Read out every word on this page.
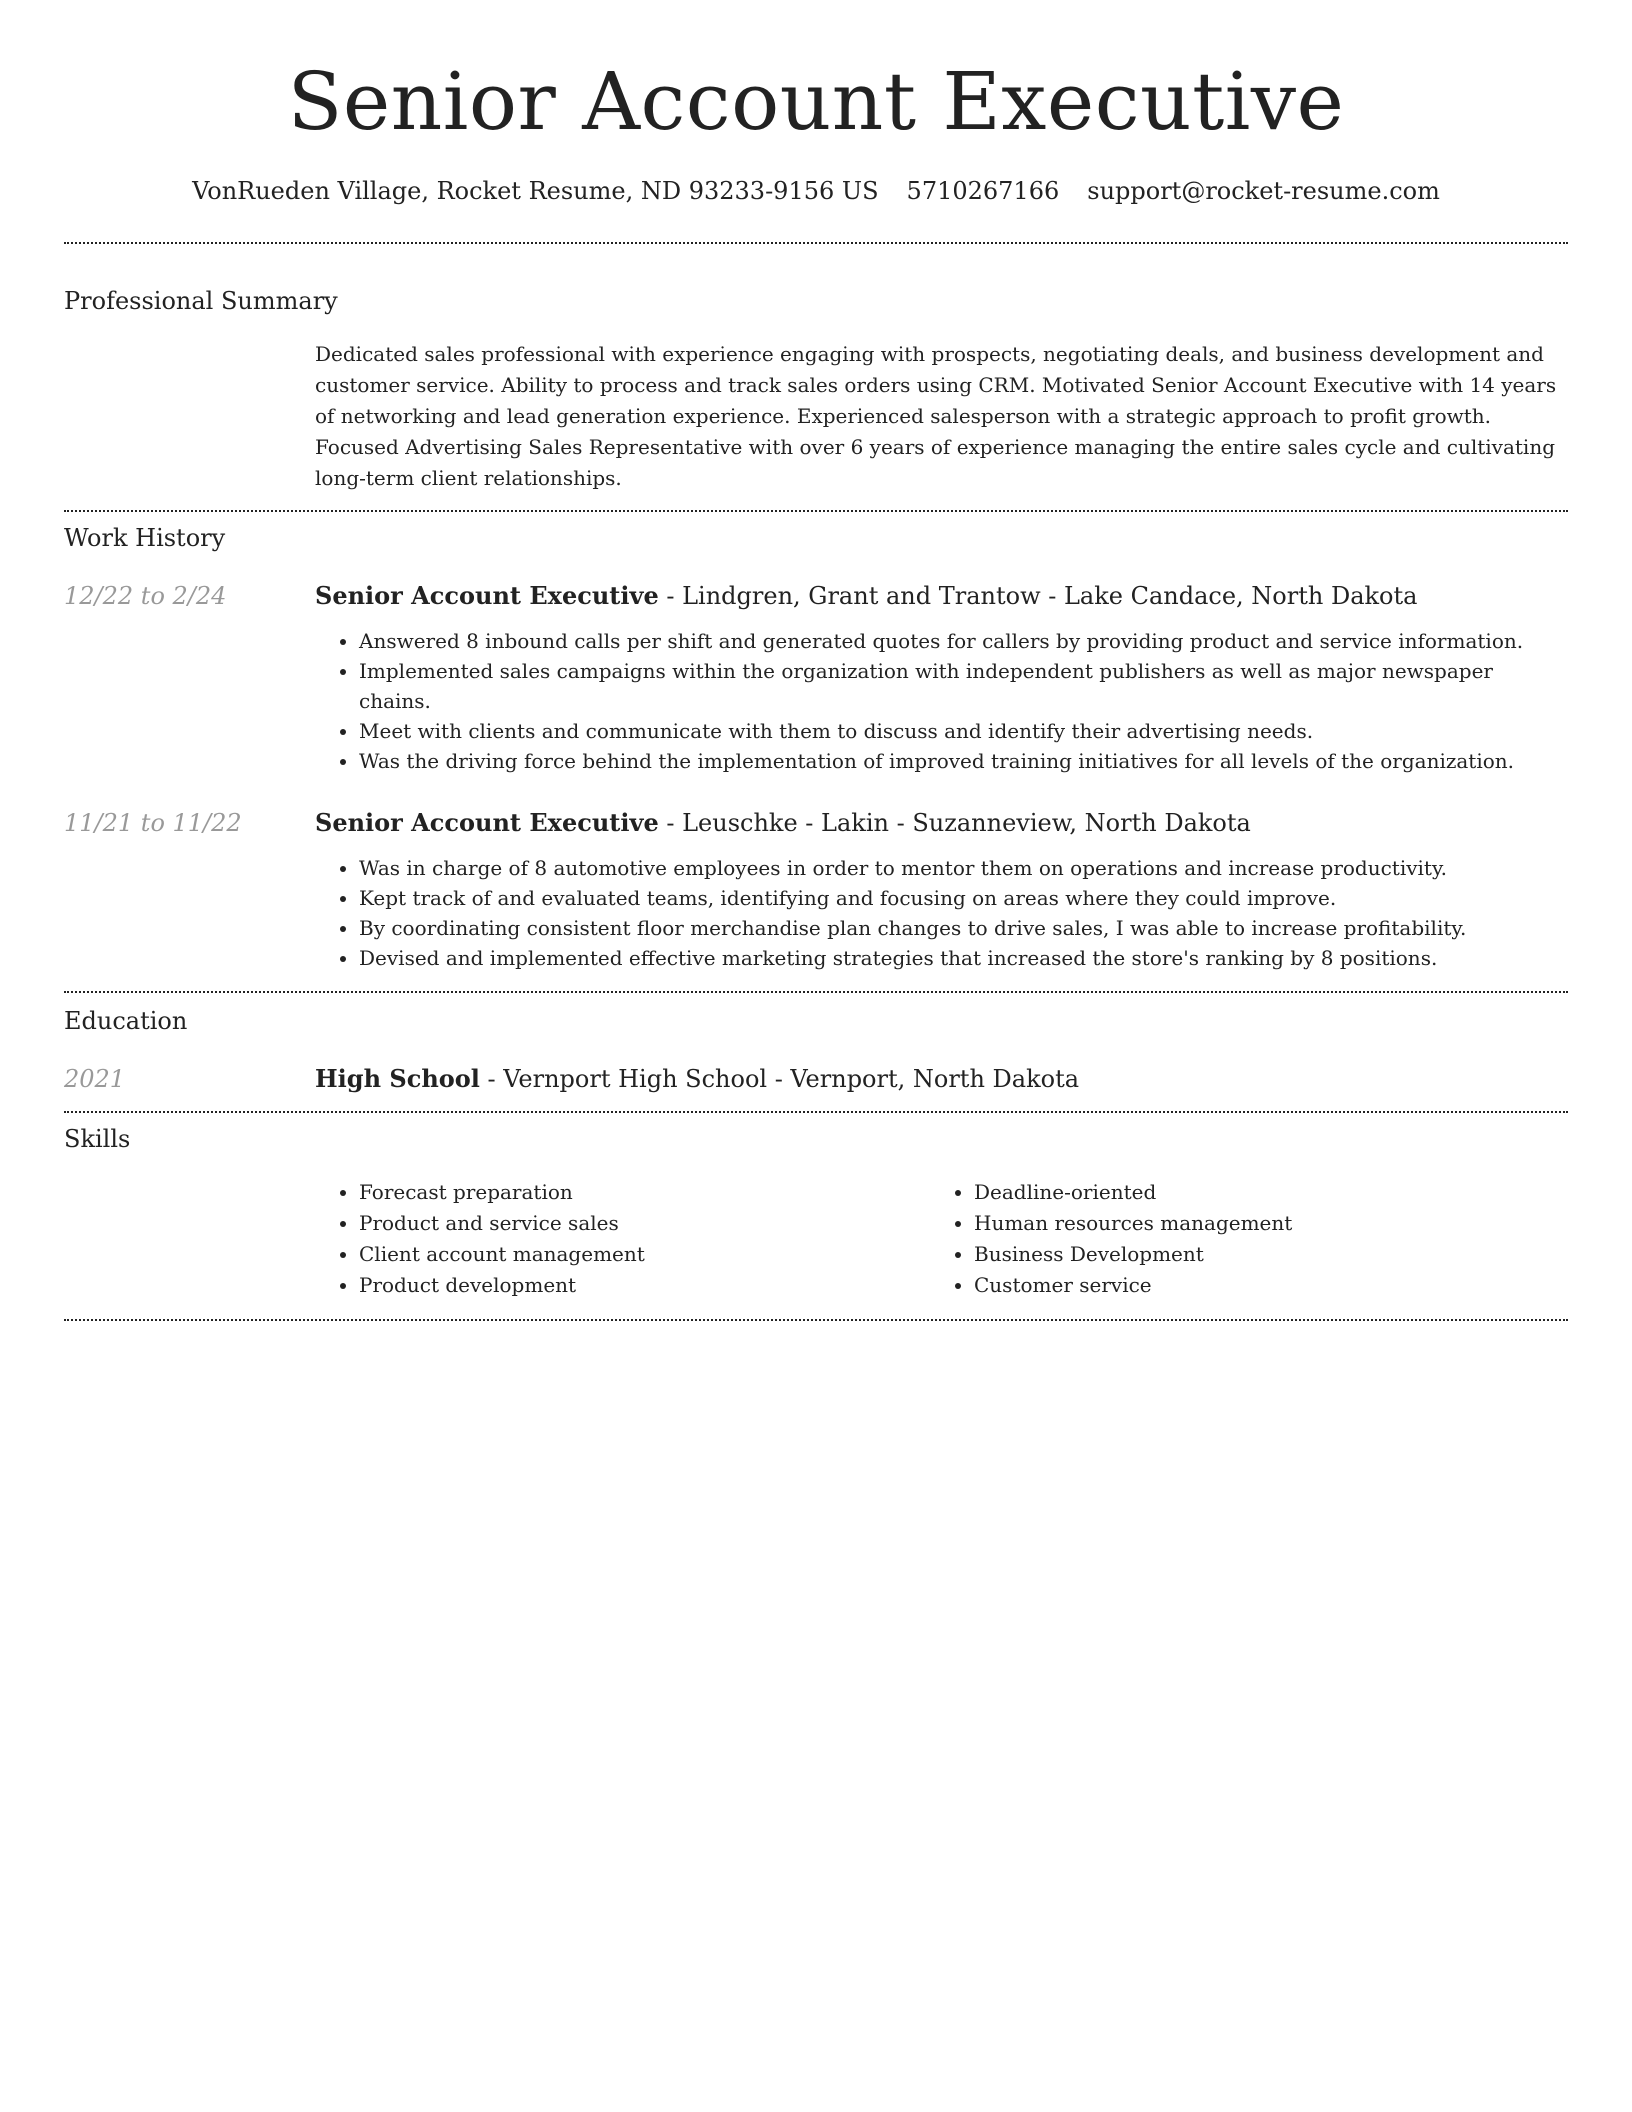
Senior Account Executive
VonRueden Village, Rocket Resume, ND 93233-9156 US 5710267166 support@rocket-resume.com
Professional Summary

Dedicated sales professional with experience engaging with prospects, negotiating deals, and business development and customer service. Ability to process and track sales orders using CRM. Motivated Senior Account Executive with 14 years of networking and lead generation experience. Experienced salesperson with a strategic approach to profit growth. Focused Advertising Sales Representative with over 6 years of experience managing the entire sales cycle and cultivating long-term client relationships.

Work History
12/22 to 2/24	Senior Account Executive - Lindgren, Grant and Trantow - Lake Candace, North Dakota

• Answered 8 inbound calls per shift and generated quotes for callers by providing product and service information.
• Implemented sales campaigns within the organization with independent publishers as well as major newspaper chains.
• Meet with clients and communicate with them to discuss and identify their advertising needs.
• Was the driving force behind the implementation of improved training initiatives for all levels of the organization.
11/21 to 11/22	Senior Account Executive - Leuschke - Lakin - Suzanneview, North Dakota

• Was in charge of 8 automotive employees in order to mentor them on operations and increase productivity.
• Kept track of and evaluated teams, identifying and focusing on areas where they could improve.
• By coordinating consistent floor merchandise plan changes to drive sales, I was able to increase profitability.
• Devised and implemented effective marketing strategies that increased the store's ranking by 8 positions.
Education
2021	High School - Vernport High School - Vernport, North Dakota

Skills
• Forecast preparation
• Product and service sales
• Client account management
• Product development
• Deadline-oriented
• Human resources management
• Business Development
• Customer service
